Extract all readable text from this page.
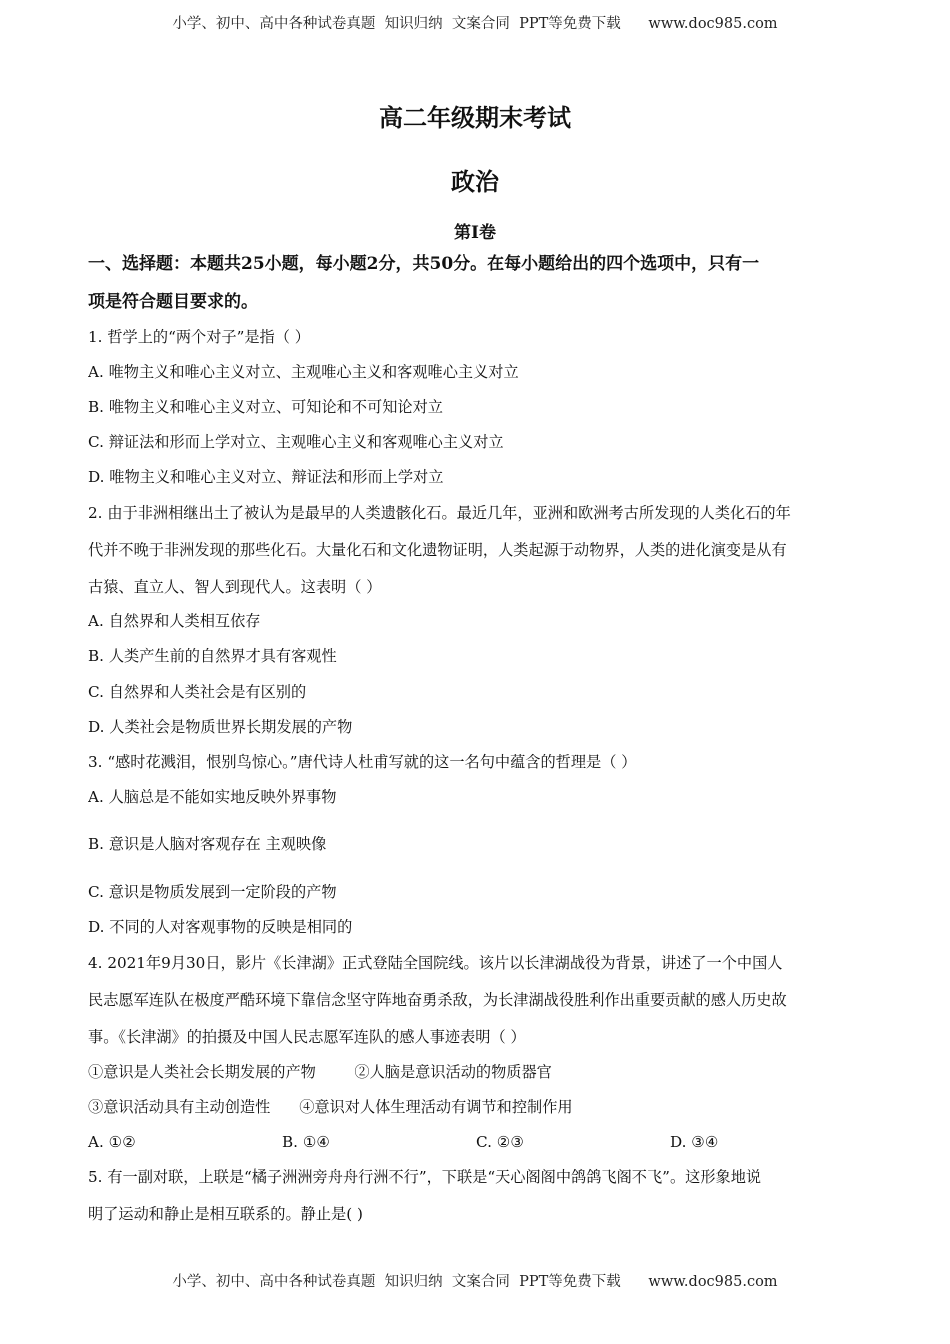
小学、初中、高中各种试卷真题  知识归纳  文案合同  PPT等免费下载      www.doc985.com
高二年级期末考试
政治
第Ⅰ卷
一、选择题：本题共25小题，每小题2分，共50分。在每小题给出的四个选项中，只有一
项是符合题目要求的。
1. 哲学上的“两个对子”是指（ ）
A. 唯物主义和唯心主义对立、主观唯心主义和客观唯心主义对立
B. 唯物主义和唯心主义对立、可知论和不可知论对立
C. 辩证法和形而上学对立、主观唯心主义和客观唯心主义对立
D. 唯物主义和唯心主义对立、辩证法和形而上学对立
2. 由于非洲相继出土了被认为是最早的人类遗骸化石。最近几年，亚洲和欧洲考古所发现的人类化石的年
代并不晚于非洲发现的那些化石。大量化石和文化遗物证明，人类起源于动物界，人类的进化演变是从有
古猿、直立人、智人到现代人。这表明（ ）
A. 自然界和人类相互依存
B. 人类产生前的自然界才具有客观性
C. 自然界和人类社会是有区别的
D. 人类社会是物质世界长期发展的产物
3. “感时花溅泪，恨别鸟惊心。”唐代诗人杜甫写就的这一名句中蕴含的哲理是（ ）
A. 人脑总是不能如实地反映外界事物
B. 意识是人脑对客观存在 主观映像
C. 意识是物质发展到一定阶段的产物
D. 不同的人对客观事物的反映是相同的
4. 2021年9月30日，影片《长津湖》正式登陆全国院线。该片以长津湖战役为背景，讲述了一个中国人
民志愿军连队在极度严酷环境下靠信念坚守阵地奋勇杀敌，为长津湖战役胜利作出重要贡献的感人历史故
事。《长津湖》的拍摄及中国人民志愿军连队的感人事迹表明（ ）
①意识是人类社会长期发展的产物        ②人脑是意识活动的物质器官
③意识活动具有主动创造性      ④意识对人体生理活动有调节和控制作用
A. ①②	B. ①④	C. ②③	D. ③④
5. 有一副对联，上联是“橘子洲洲旁舟舟行洲不行”，下联是“天心阁阁中鸽鸽飞阁不飞”。这形象地说
明了运动和静止是相互联系的。静止是( )
小学、初中、高中各种试卷真题  知识归纳  文案合同  PPT等免费下载      www.doc985.com
